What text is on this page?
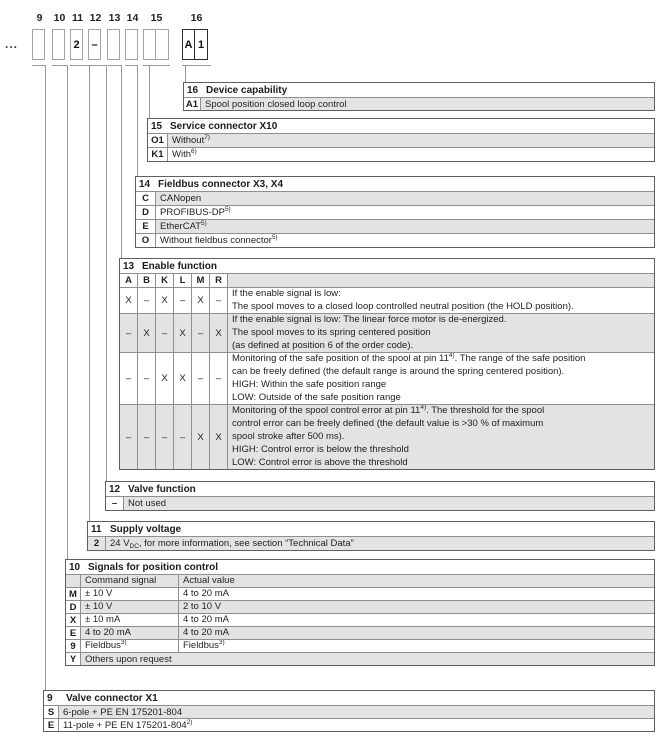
9	10 11 12 13 14	15	16
...	2	–	A 1
16 Device capability
A1 Spool position closed loop control
15 Service connector X10
O1 Without$^{7)}$
K1 With$^{6)}$
14 Fieldbus connector X3, X4
C	CANopen
D	PROFIBUS-DP$^{5)}$
E	EtherCAT$^{5)}$
O	Without fieldbus connector$^{5)}$
13 Enable function
A	B	K	L	M	R
X	–	X	–	X	–
If the enable signal is low:
The spool moves to a closed loop controlled neutral position (the HOLD position).
–	X	–	X	–	X
If the enable signal is low: The linear force motor is de-energized.
The spool moves to its spring centered position
(as defined at position 6 of the order code).
–	–	X	X	–	–
Monitoring of the safe position of the spool at pin 11$^{4)}$. The range of the safe position
can be freely defined (the default range is around the spring centered position).
HIGH: Within the safe position range
LOW: Outside of the safe position range
–	–	–	–	X	X
Monitoring of the spool control error at pin 11$^{4)}$. The threshold for the spool
control error can be freely defined (the default value is >30 % of maximum
spool stroke after 500 ms).
HIGH: Control error is below the threshold
LOW: Control error is above the threshold
12 Valve function
–	Not used
11 Supply voltage
2	24 $V_{DC}$, for more information, see section “Technical Data”
10 Signals for position control
Command signal	Actual value
M ± 10 V	4 to 20 mA
D ± 10 V	2 to 10 V
X ± 10 mA	4 to 20 mA
E 4 to 20 mA	4 to 20 mA
9 Fieldbus$^{3)}$	Fieldbus$^{3)}$
Y Others upon request
9	Valve connector X1
S 6-pole + PE EN 175201-804
E 11-pole + PE EN 175201-804$^{2)}$
